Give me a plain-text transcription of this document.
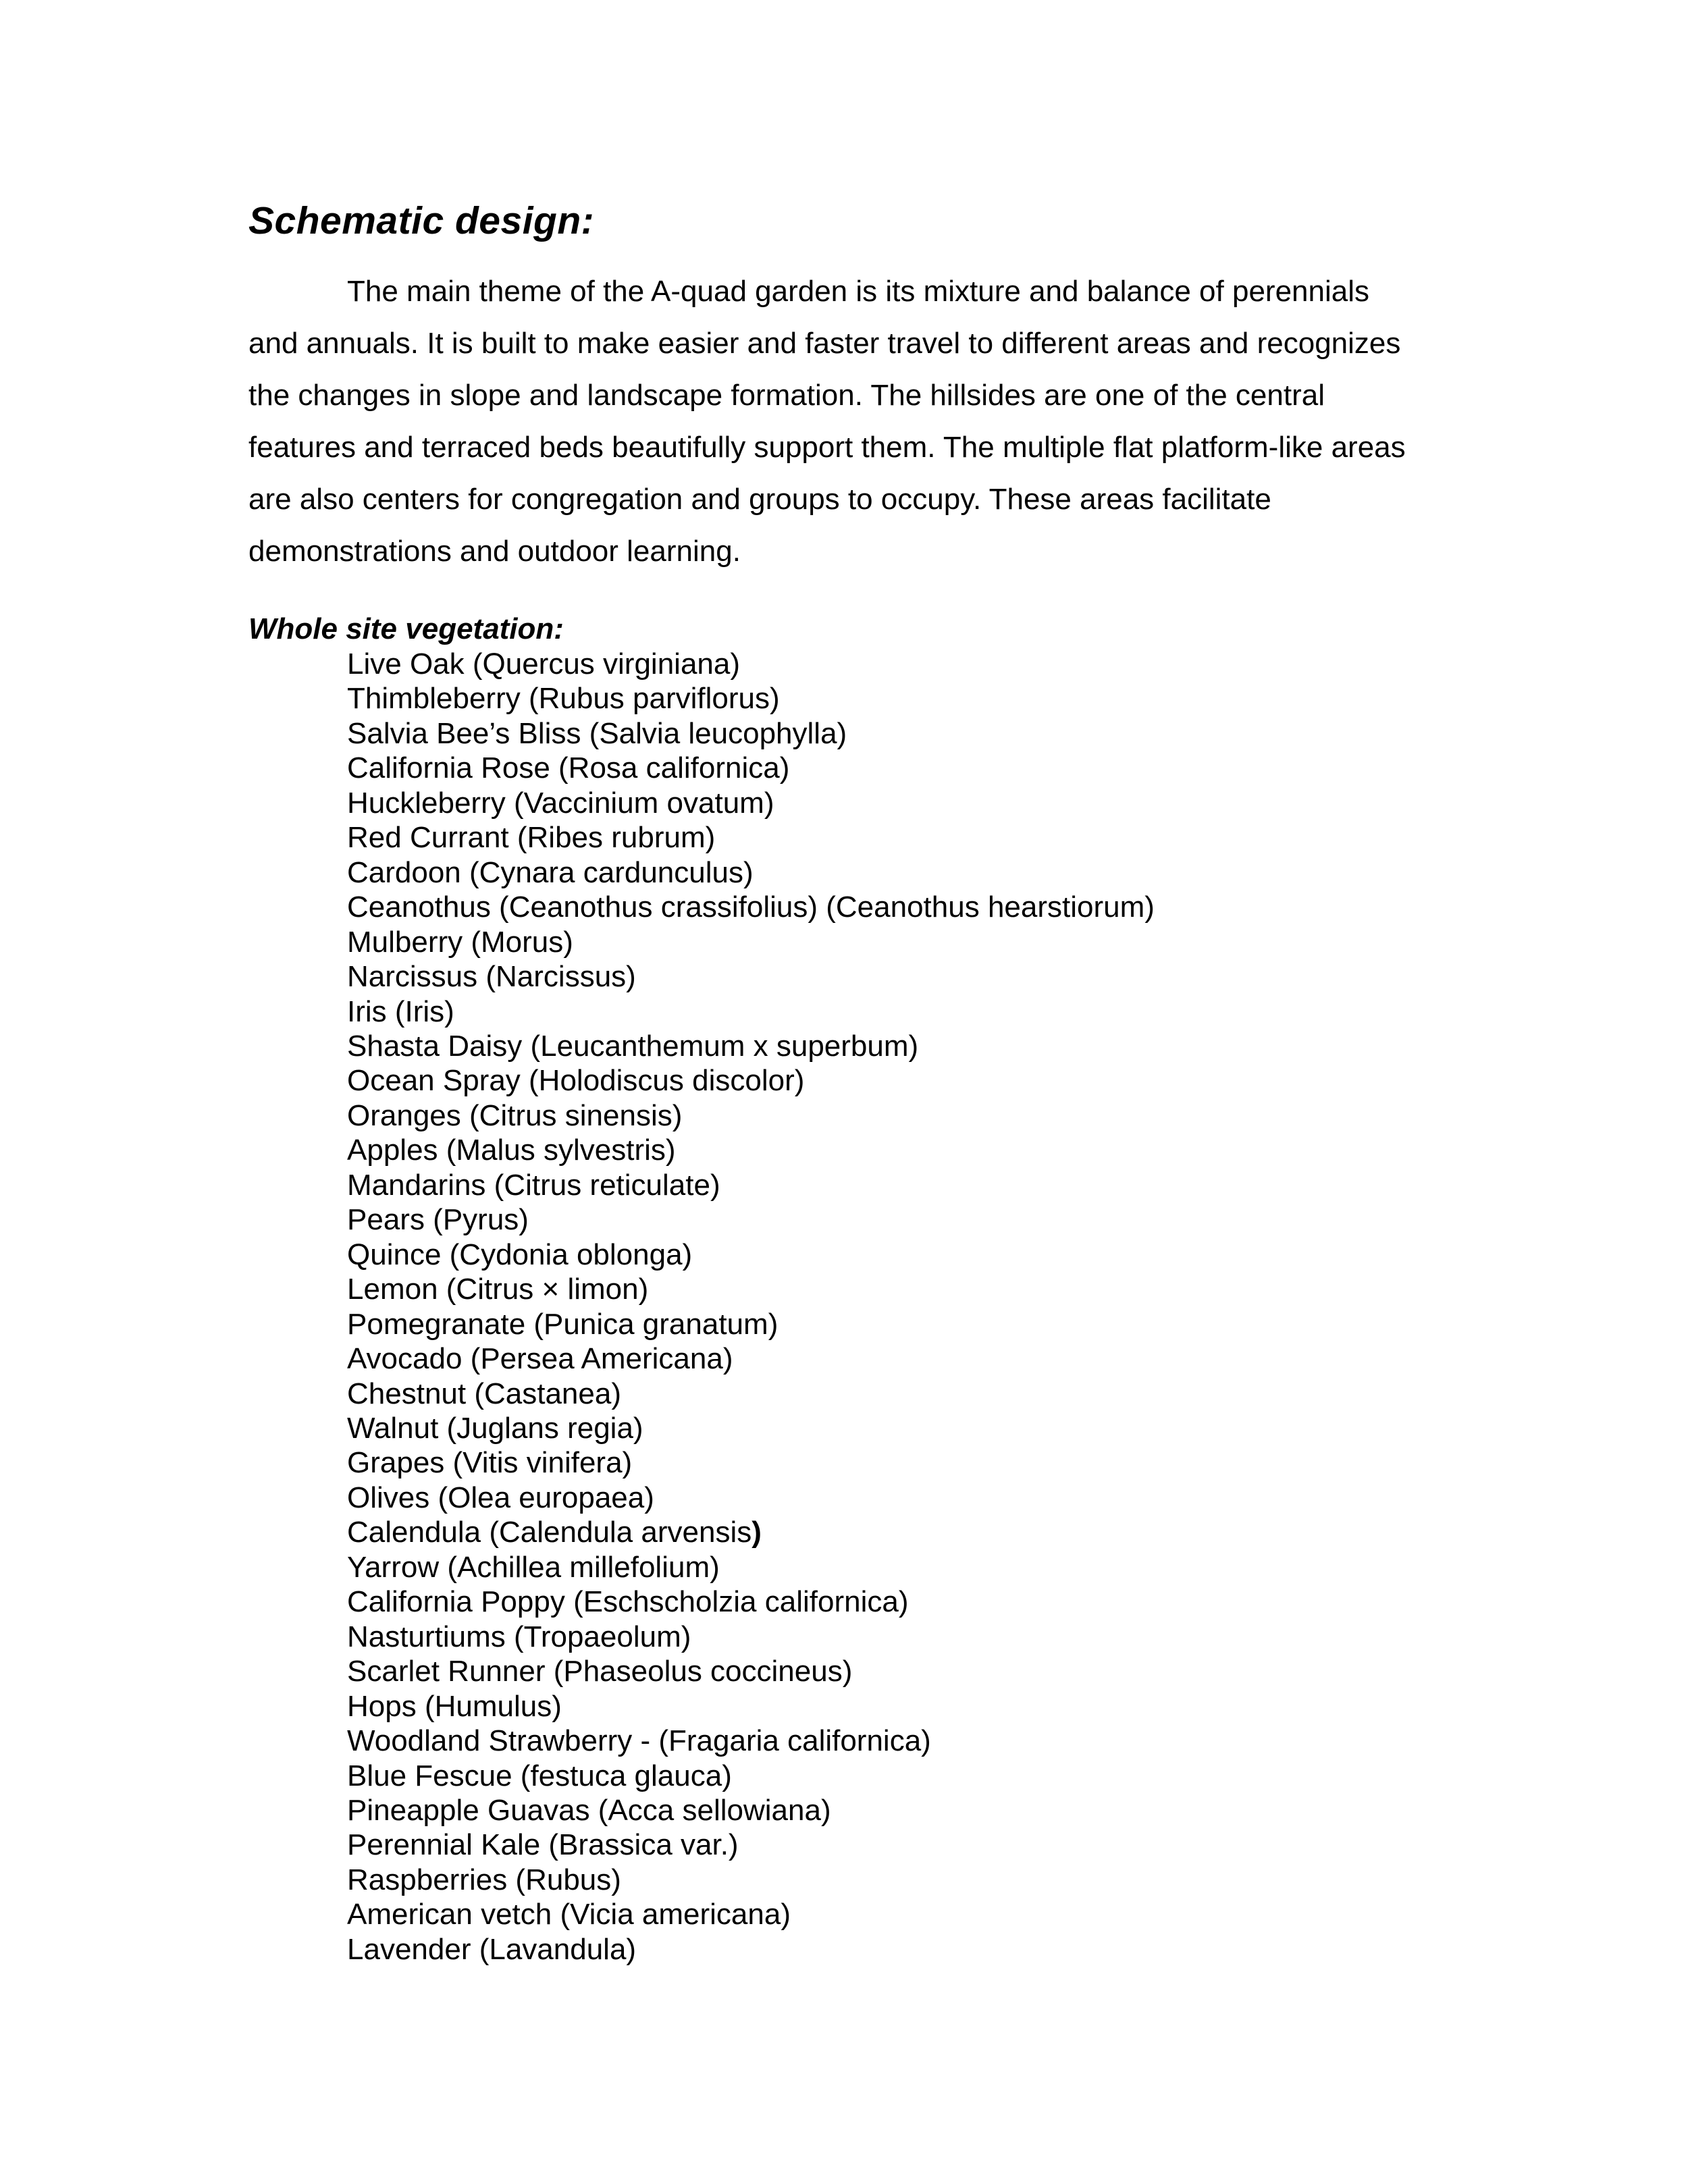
Schematic design:

The main theme of the A-quad garden is its mixture and balance of perennials
and annuals. It is built to make easier and faster travel to different areas and recognizes
the changes in slope and landscape formation. The hillsides are one of the central
features and terraced beds beautifully support them. The multiple flat platform-like areas
are also centers for congregation and groups to occupy. These areas facilitate
demonstrations and outdoor learning.

Whole site vegetation:
Live Oak (Quercus virginiana)
Thimbleberry (Rubus parviflorus)
Salvia Bee’s Bliss (Salvia leucophylla)
California Rose (Rosa californica)
Huckleberry (Vaccinium ovatum)
Red Currant (Ribes rubrum)
Cardoon (Cynara cardunculus)
Ceanothus (Ceanothus crassifolius) (Ceanothus hearstiorum)
Mulberry (Morus)
Narcissus (Narcissus)
Iris (Iris)
Shasta Daisy (Leucanthemum x superbum)
Ocean Spray (Holodiscus discolor)
Oranges (Citrus sinensis)
Apples (Malus sylvestris)
Mandarins (Citrus reticulate)
Pears (Pyrus)
Quince (Cydonia oblonga)
Lemon (Citrus × limon)
Pomegranate (Punica granatum)
Avocado (Persea Americana)
Chestnut (Castanea)
Walnut (Juglans regia)
Grapes (Vitis vinifera)
Olives (Olea europaea)
Calendula (Calendula arvensis)
Yarrow (Achillea millefolium)
California Poppy (Eschscholzia californica)
Nasturtiums (Tropaeolum)
Scarlet Runner (Phaseolus coccineus)
Hops (Humulus)
Woodland Strawberry - (Fragaria californica)
Blue Fescue (festuca glauca)
Pineapple Guavas (Acca sellowiana)
Perennial Kale (Brassica var.)
Raspberries (Rubus)
American vetch (Vicia americana)
Lavender (Lavandula)
